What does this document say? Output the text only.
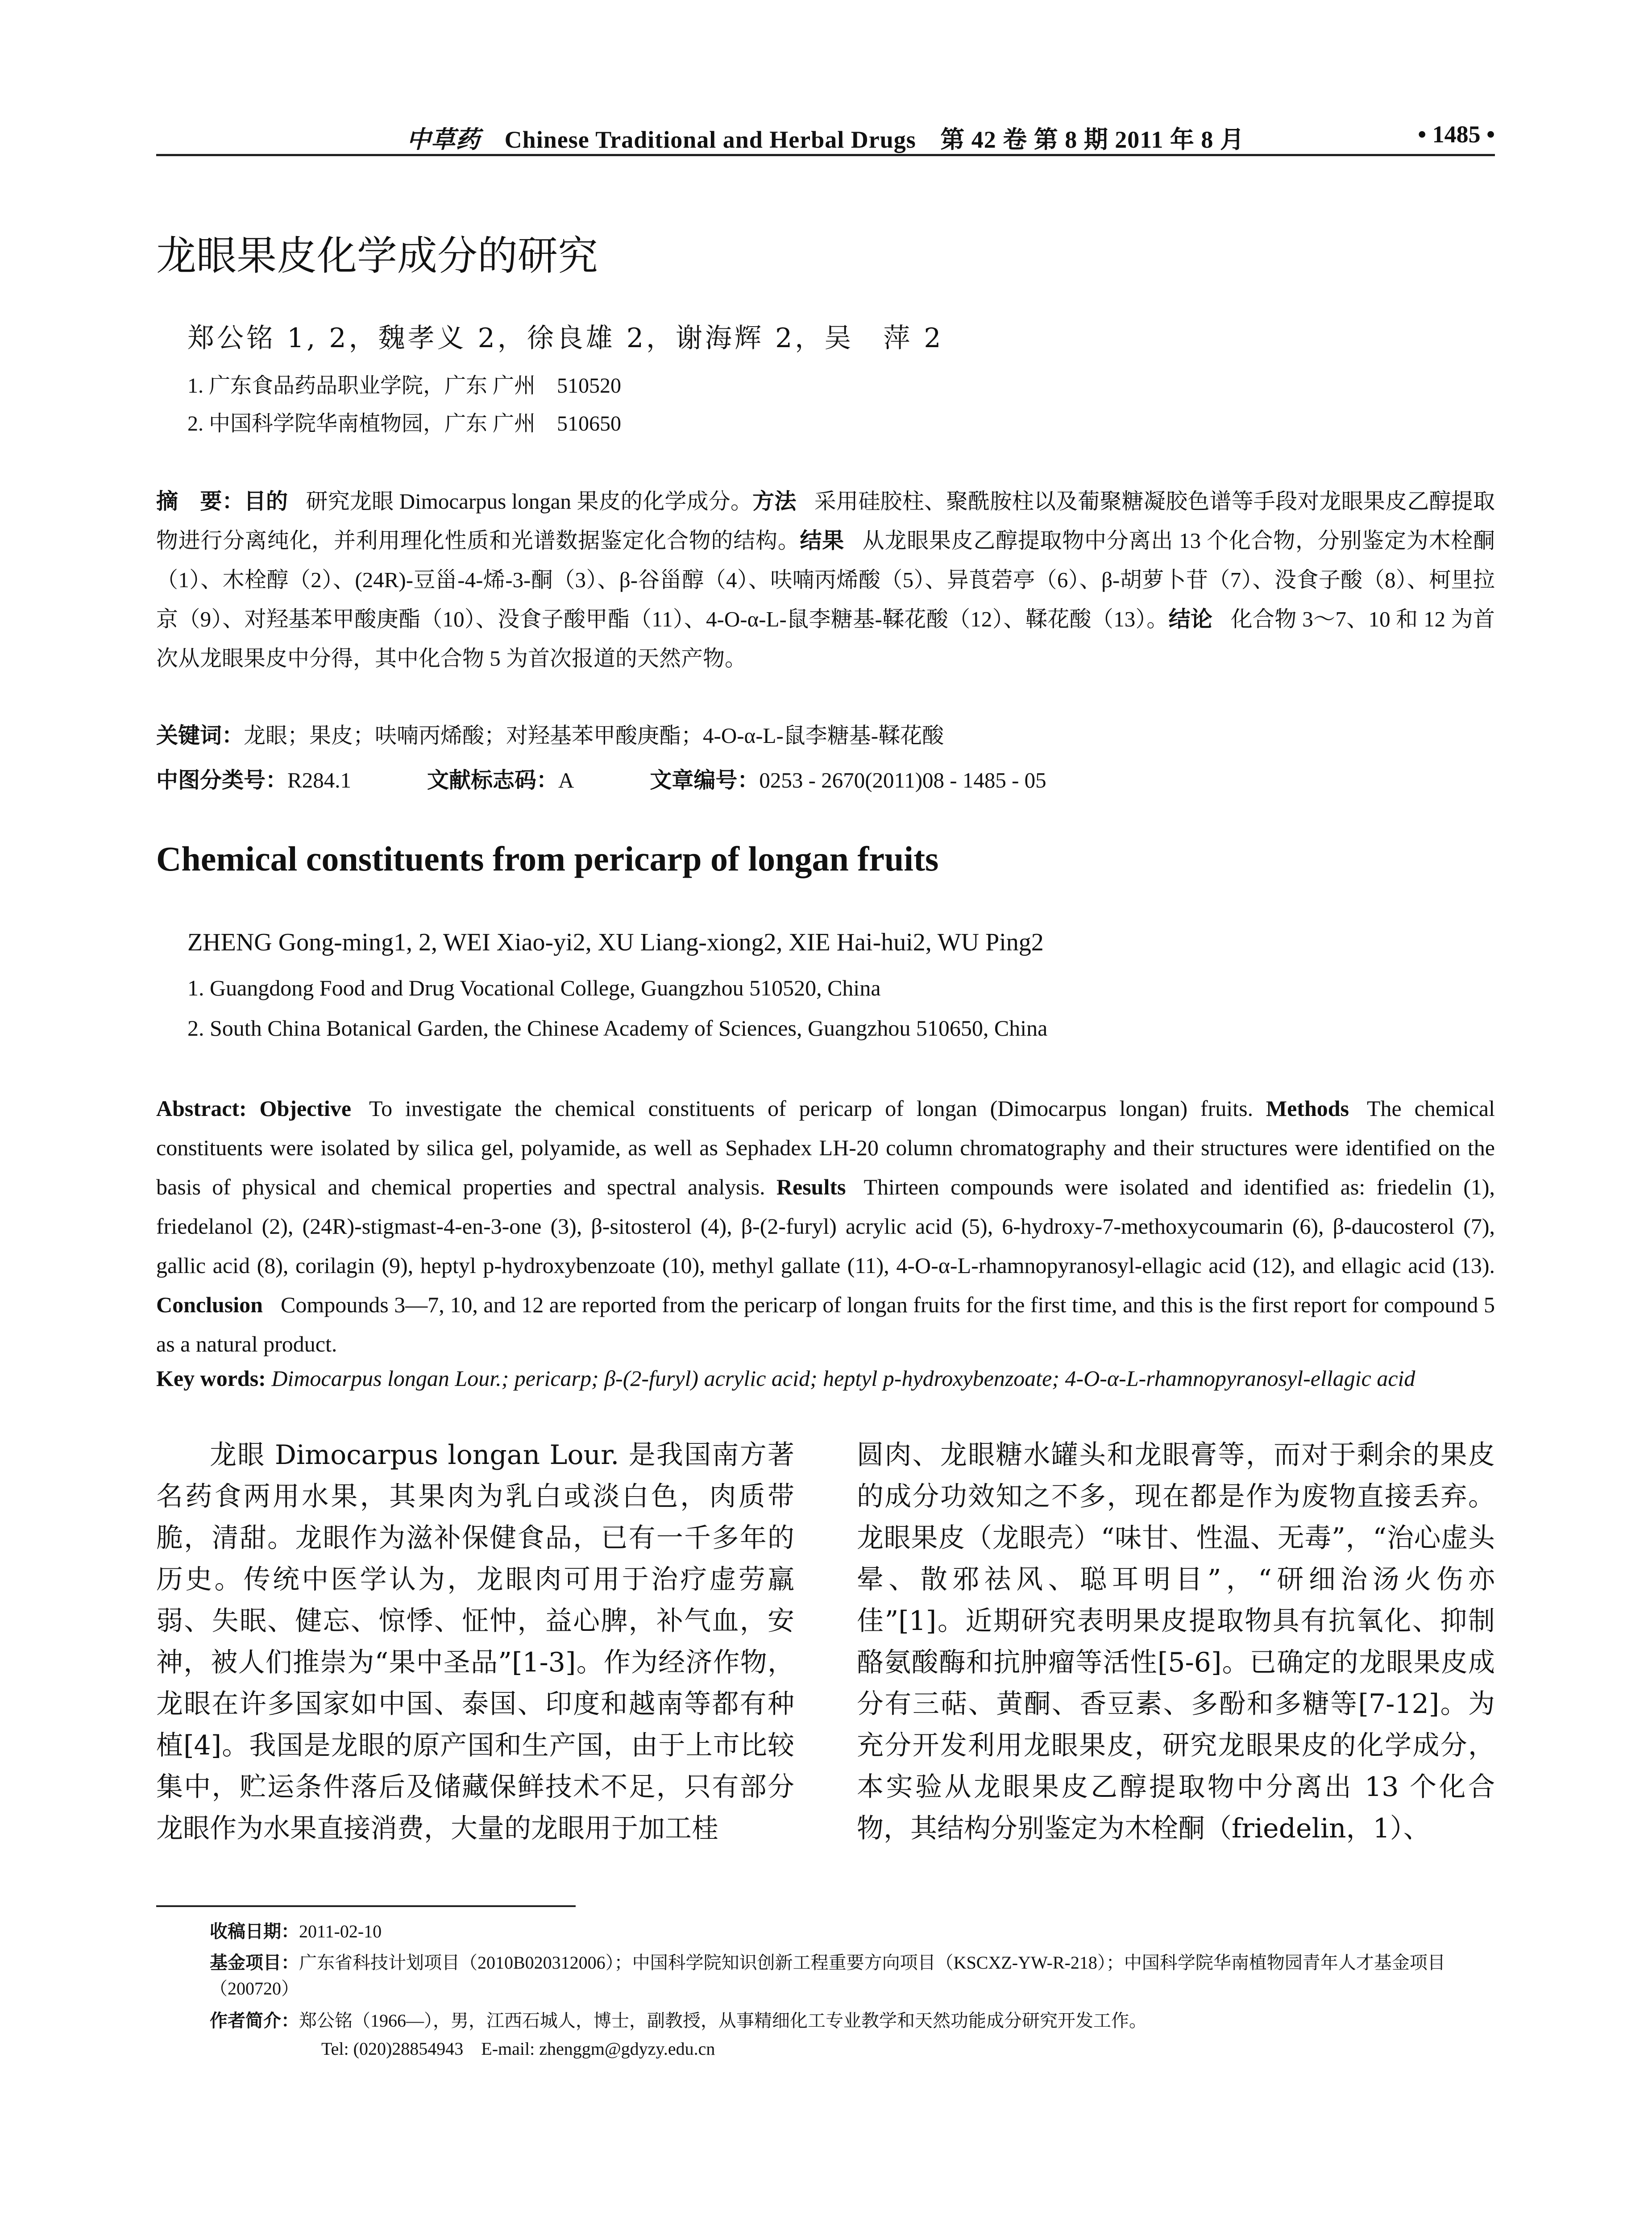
中草药 Chinese Traditional and Herbal Drugs 第 42 卷 第 8 期 2011 年 8 月	• 1485 •
龙眼果皮化学成分的研究
郑公铭 1, 2，魏孝义 2，徐良雄 2，谢海辉 2，吴　萍 2
1. 广东食品药品职业学院，广东 广州　510520
2. 中国科学院华南植物园，广东 广州　510650
摘　要：目的 研究龙眼 Dimocarpus longan 果皮的化学成分。方法 采用硅胶柱、聚酰胺柱以及葡聚糖凝胶色谱等手段对龙眼果皮乙醇提取物进行分离纯化，并利用理化性质和光谱数据鉴定化合物的结构。结果 从龙眼果皮乙醇提取物中分离出 13 个化合物，分别鉴定为木栓酮（1）、木栓醇（2）、(24R)-豆甾-4-烯-3-酮（3）、β-谷甾醇（4）、呋喃丙烯酸（5）、异莨菪亭（6）、β-胡萝卜苷（7）、没食子酸（8）、柯里拉京（9）、对羟基苯甲酸庚酯（10）、没食子酸甲酯（11）、4-O-α-L-鼠李糖基-鞣花酸（12）、鞣花酸（13）。结论 化合物 3～7、10 和 12 为首次从龙眼果皮中分得，其中化合物 5 为首次报道的天然产物。
关键词：龙眼；果皮；呋喃丙烯酸；对羟基苯甲酸庚酯；4-O-α-L-鼠李糖基-鞣花酸
中图分类号：R284.1	文献标志码：A	文章编号：0253 - 2670(2011)08 - 1485 - 05
Chemical constituents from pericarp of longan fruits
ZHENG Gong-ming1, 2, WEI Xiao-yi2, XU Liang-xiong2, XIE Hai-hui2, WU Ping2
1. Guangdong Food and Drug Vocational College, Guangzhou 510520, China
2. South China Botanical Garden, the Chinese Academy of Sciences, Guangzhou 510650, China
Abstract: Objective To investigate the chemical constituents of pericarp of longan (Dimocarpus longan) fruits. Methods The chemical constituents were isolated by silica gel, polyamide, as well as Sephadex LH-20 column chromatography and their structures were identified on the basis of physical and chemical properties and spectral analysis. Results Thirteen compounds were isolated and identified as: friedelin (1), friedelanol (2), (24R)-stigmast-4-en-3-one (3), β-sitosterol (4), β-(2-furyl) acrylic acid (5), 6-hydroxy-7-methoxycoumarin (6), β-daucosterol (7), gallic acid (8), corilagin (9), heptyl p-hydroxybenzoate (10), methyl gallate (11), 4-O-α-L-rhamnopyranosyl-ellagic acid (12), and ellagic acid (13). Conclusion Compounds 3—7, 10, and 12 are reported from the pericarp of longan fruits for the first time, and this is the first report for compound 5 as a natural product.
Key words: Dimocarpus longan Lour.; pericarp; β-(2-furyl) acrylic acid; heptyl p-hydroxybenzoate; 4-O-α-L-rhamnopyranosyl-ellagic acid
龙眼 Dimocarpus longan Lour. 是我国南方著名药食两用水果，其果肉为乳白或淡白色，肉质带脆，清甜。龙眼作为滋补保健食品，已有一千多年的历史。传统中医学认为，龙眼肉可用于治疗虚劳羸弱、失眠、健忘、惊悸、怔忡，益心脾，补气血，安神，被人们推崇为“果中圣品”[1-3]。作为经济作物，龙眼在许多国家如中国、泰国、印度和越南等都有种植[4]。我国是龙眼的原产国和生产国，由于上市比较集中，贮运条件落后及储藏保鲜技术不足，只有部分龙眼作为水果直接消费，大量的龙眼用于加工桂
圆肉、龙眼糖水罐头和龙眼膏等，而对于剩余的果皮的成分功效知之不多，现在都是作为废物直接丢弃。龙眼果皮（龙眼壳）“味甘、性温、无毒”，“治心虚头晕、散邪祛风、聪耳明目”，“研细治汤火伤亦佳”[1]。近期研究表明果皮提取物具有抗氧化、抑制酪氨酸酶和抗肿瘤等活性[5-6]。已确定的龙眼果皮成分有三萜、黄酮、香豆素、多酚和多糖等[7-12]。为充分开发利用龙眼果皮，研究龙眼果皮的化学成分，本实验从龙眼果皮乙醇提取物中分离出 13 个化合物，其结构分别鉴定为木栓酮（friedelin，1）、
收稿日期：2011-02-10
基金项目：广东省科技计划项目（2010B020312006）；中国科学院知识创新工程重要方向项目（KSCXZ-YW-R-218）；中国科学院华南植物园青年人才基金项目（200720）
作者简介：郑公铭（1966—），男，江西石城人，博士，副教授，从事精细化工专业教学和天然功能成分研究开发工作。
Tel: (020)28854943　E-mail: zhenggm@gdyzy.edu.cn
